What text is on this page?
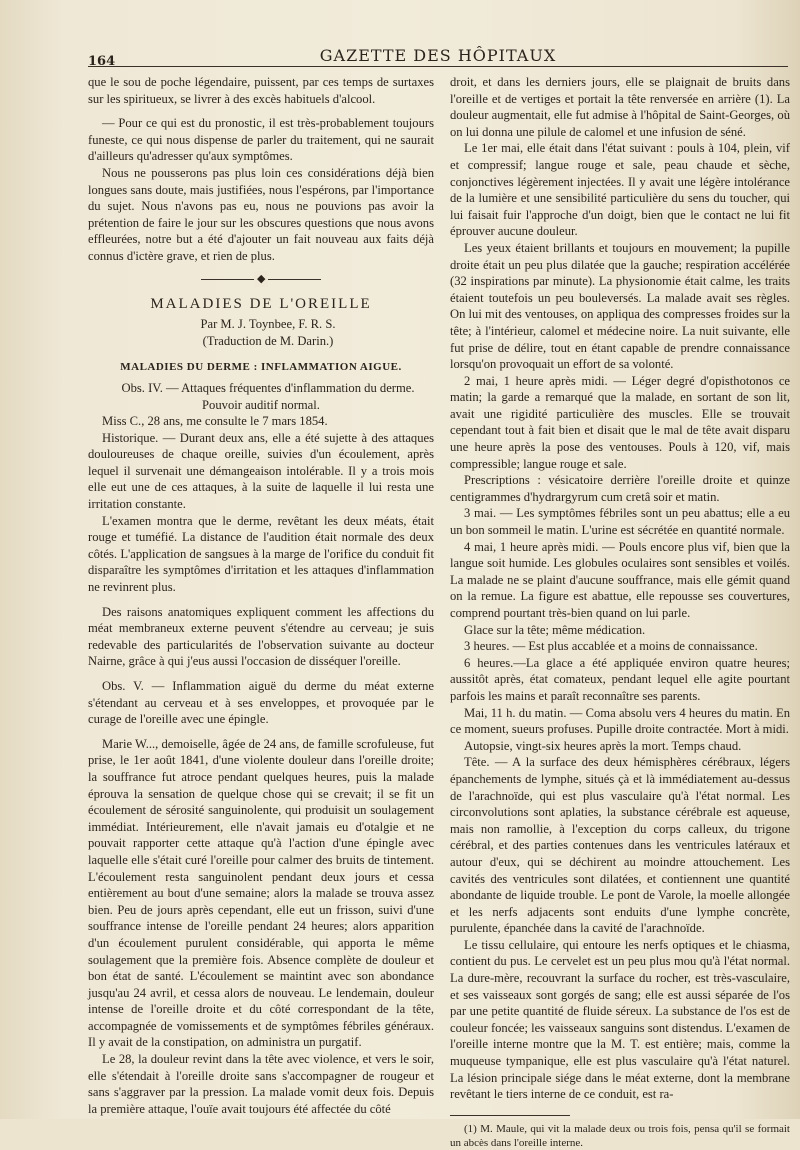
164	GAZETTE DES HÔPITAUX

que le sou de poche légendaire, puissent, par ces temps de surtaxes sur les spiritueux, se livrer à des excès habituels d'alcool.

— Pour ce qui est du pronostic, il est très-probablement toujours funeste, ce qui nous dispense de parler du traitement, qui ne saurait d'ailleurs qu'adresser qu'aux symptômes.

Nous ne pousserons pas plus loin ces considérations déjà bien longues sans doute, mais justifiées, nous l'espérons, par l'importance du sujet. Nous n'avons pas eu, nous ne pouvions pas avoir la prétention de faire le jour sur les obscures questions que nous avons effleurées, notre but a été d'ajouter un fait nouveau aux faits déjà connus d'ictère grave, et rien de plus.

◆
MALADIES DE L'OREILLE

Par M. J. Toynbee, F. R. S.

(Traduction de M. Darin.)

MALADIES DU DERME : INFLAMMATION AIGUE.

Obs. IV. — Attaques fréquentes d'inflammation du derme. Pouvoir auditif normal.

Miss C., 28 ans, me consulte le 7 mars 1854.

Historique. — Durant deux ans, elle a été sujette à des attaques douloureuses de chaque oreille, suivies d'un écoulement, après lequel il survenait une démangeaison intolérable. Il y a trois mois elle eut une de ces attaques, à la suite de laquelle il lui resta une irritation constante.

L'examen montra que le derme, revêtant les deux méats, était rouge et tuméfié. La distance de l'audition était normale des deux côtés. L'application de sangsues à la marge de l'orifice du conduit fit disparaître les symptômes d'irritation et les attaques d'inflammation ne revinrent plus.

Des raisons anatomiques expliquent comment les affections du méat membraneux externe peuvent s'étendre au cerveau; je suis redevable des particularités de l'observation suivante au docteur Nairne, grâce à qui j'eus aussi l'occasion de disséquer l'oreille.

Obs. V. — Inflammation aiguë du derme du méat externe s'étendant au cerveau et à ses enveloppes, et provoquée par le curage de l'oreille avec une épingle.

Marie W..., demoiselle, âgée de 24 ans, de famille scrofuleuse, fut prise, le 1er août 1841, d'une violente douleur dans l'oreille droite; la souffrance fut atroce pendant quelques heures, puis la malade éprouva la sensation de quelque chose qui se crevait; il se fit un écoulement de sérosité sanguinolente, qui produisit un soulagement immédiat. Intérieurement, elle n'avait jamais eu d'otalgie et ne pouvait rapporter cette attaque qu'à l'action d'une épingle avec laquelle elle s'était curé l'oreille pour calmer des bruits de tintement. L'écoulement resta sanguinolent pendant deux jours et cessa entièrement au bout d'une semaine; alors la malade se trouva assez bien. Peu de jours après cependant, elle eut un frisson, suivi d'une souffrance intense de l'oreille pendant 24 heures; alors apparition d'un écoulement purulent considérable, qui apporta le même soulagement que la première fois. Absence complète de douleur et bon état de santé. L'écoulement se maintint avec son abondance jusqu'au 24 avril, et cessa alors de nouveau. Le lendemain, douleur intense de l'oreille droite et du côté correspondant de la tête, accompagnée de vomissements et de symptômes fébriles généraux. Il y avait de la constipation, on administra un purgatif.

Le 28, la douleur revint dans la tête avec violence, et vers le soir, elle s'étendait à l'oreille droite sans s'accompagner de rougeur et sans s'aggraver par la pression. La malade vomit deux fois. Depuis la première attaque, l'ouïe avait toujours été affectée du côté

droit, et dans les derniers jours, elle se plaignait de bruits dans l'oreille et de vertiges et portait la tête renversée en arrière (1). La douleur augmentait, elle fut admise à l'hôpital de Saint-Georges, où on lui donna une pilule de calomel et une infusion de séné.

Le 1er mai, elle était dans l'état suivant : pouls à 104, plein, vif et compressif; langue rouge et sale, peau chaude et sèche, conjonctives légèrement injectées. Il y avait une légère intolérance de la lumière et une sensibilité particulière du sens du toucher, qui lui faisait fuir l'approche d'un doigt, bien que le contact ne lui fit éprouver aucune douleur.

Les yeux étaient brillants et toujours en mouvement; la pupille droite était un peu plus dilatée que la gauche; respiration accélérée (32 inspirations par minute). La physionomie était calme, les traits étaient toutefois un peu bouleversés. La malade avait ses règles. On lui mit des ventouses, on appliqua des compresses froides sur la tête; à l'intérieur, calomel et médecine noire. La nuit suivante, elle fut prise de délire, tout en étant capable de prendre connaissance lorsqu'on provoquait un effort de sa volonté.

2 mai, 1 heure après midi. — Léger degré d'opisthotonos ce matin; la garde a remarqué que la malade, en sortant de son lit, avait une rigidité particulière des muscles. Elle se trouvait cependant tout à fait bien et disait que le mal de tête avait disparu une heure après la pose des ventouses. Pouls à 120, vif, mais compressible; langue rouge et sale.

Prescriptions : vésicatoire derrière l'oreille droite et quinze centigrammes d'hydrargyrum cum cretâ soir et matin.

3 mai. — Les symptômes fébriles sont un peu abattus; elle a eu un bon sommeil le matin. L'urine est sécrétée en quantité normale.

4 mai, 1 heure après midi. — Pouls encore plus vif, bien que la langue soit humide. Les globules oculaires sont sensibles et voilés. La malade ne se plaint d'aucune souffrance, mais elle gémit quand on la remue. La figure est abattue, elle repousse ses couvertures, comprend pourtant très-bien quand on lui parle.

Glace sur la tête; même médication.

3 heures. — Est plus accablée et a moins de connaissance.

6 heures.—La glace a été appliquée environ quatre heures; aussitôt après, état comateux, pendant lequel elle agite pourtant parfois les mains et paraît reconnaître ses parents.

Mai, 11 h. du matin. — Coma absolu vers 4 heures du matin. En ce moment, sueurs profuses. Pupille droite contractée. Mort à midi.

Autopsie, vingt-six heures après la mort. Temps chaud.

Tête. — A la surface des deux hémisphères cérébraux, légers épanchements de lymphe, situés çà et là immédiatement au-dessus de l'arachnoïde, qui est plus vasculaire qu'à l'état normal. Les circonvolutions sont aplaties, la substance cérébrale est aqueuse, mais non ramollie, à l'exception du corps calleux, du trigone cérébral, et des parties contenues dans les ventricules latéraux et autour d'eux, qui se déchirent au moindre attouchement. Les cavités des ventricules sont dilatées, et contiennent une quantité abondante de liquide trouble. Le pont de Varole, la moelle allongée et les nerfs adjacents sont enduits d'une lymphe concrète, purulente, épanchée dans la cavité de l'arachnoïde.

Le tissu cellulaire, qui entoure les nerfs optiques et le chiasma, contient du pus. Le cervelet est un peu plus mou qu'à l'état normal. La dure-mère, recouvrant la surface du rocher, est très-vasculaire, et ses vaisseaux sont gorgés de sang; elle est aussi séparée de l'os par une petite quantité de fluide séreux. La substance de l'os est de couleur foncée; les vaisseaux sanguins sont distendus. L'examen de l'oreille interne montre que la M. T. est entière; mais, comme la muqueuse tympanique, elle est plus vasculaire qu'à l'état naturel. La lésion principale siége dans le méat externe, dont la membrane revêtant le tiers interne de ce conduit, est ra-

(1) M. Maule, qui vit la malade deux ou trois fois, pensa qu'il se formait un abcès dans l'oreille interne.
